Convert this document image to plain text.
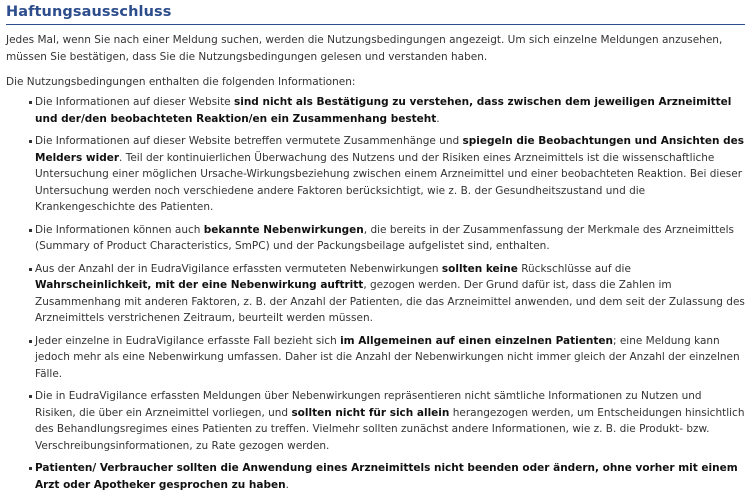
Haftungsausschluss
Jedes Mal, wenn Sie nach einer Meldung suchen, werden die Nutzungsbedingungen angezeigt. Um sich einzelne Meldungen anzusehen, müssen Sie bestätigen, dass Sie die Nutzungsbedingungen gelesen und verstanden haben.
Die Nutzungsbedingungen enthalten die folgenden Informationen:
Die Informationen auf dieser Website sind nicht als Bestätigung zu verstehen, dass zwischen dem jeweiligen Arzneimittel und der/den beobachteten Reaktion/en ein Zusammenhang besteht.
Die Informationen auf dieser Website betreffen vermutete Zusammenhänge und spiegeln die Beobachtungen und Ansichten des Melders wider. Teil der kontinuierlichen Überwachung des Nutzens und der Risiken eines Arzneimittels ist die wissenschaftliche Untersuchung einer möglichen Ursache-Wirkungsbeziehung zwischen einem Arzneimittel und einer beobachteten Reaktion. Bei dieser Untersuchung werden noch verschiedene andere Faktoren berücksichtigt, wie z. B. der Gesundheitszustand und die Krankengeschichte des Patienten.
Die Informationen können auch bekannte Nebenwirkungen, die bereits in der Zusammenfassung der Merkmale des Arzneimittels (Summary of Product Characteristics, SmPC) und der Packungsbeilage aufgelistet sind, enthalten.
Aus der Anzahl der in EudraVigilance erfassten vermuteten Nebenwirkungen sollten keine Rückschlüsse auf die Wahrscheinlichkeit, mit der eine Nebenwirkung auftritt, gezogen werden. Der Grund dafür ist, dass die Zahlen im Zusammenhang mit anderen Faktoren, z. B. der Anzahl der Patienten, die das Arzneimittel anwenden, und dem seit der Zulassung des Arzneimittels verstrichenen Zeitraum, beurteilt werden müssen.
Jeder einzelne in EudraVigilance erfasste Fall bezieht sich im Allgemeinen auf einen einzelnen Patienten; eine Meldung kann jedoch mehr als eine Nebenwirkung umfassen. Daher ist die Anzahl der Nebenwirkungen nicht immer gleich der Anzahl der einzelnen Fälle.
Die in EudraVigilance erfassten Meldungen über Nebenwirkungen repräsentieren nicht sämtliche Informationen zu Nutzen und Risiken, die über ein Arzneimittel vorliegen, und sollten nicht für sich allein herangezogen werden, um Entscheidungen hinsichtlich des Behandlungsregimes eines Patienten zu treffen. Vielmehr sollten zunächst andere Informationen, wie z. B. die Produkt- bzw. Verschreibungsinformationen, zu Rate gezogen werden.
Patienten/ Verbraucher sollten die Anwendung eines Arzneimittels nicht beenden oder ändern, ohne vorher mit einem Arzt oder Apotheker gesprochen zu haben.
